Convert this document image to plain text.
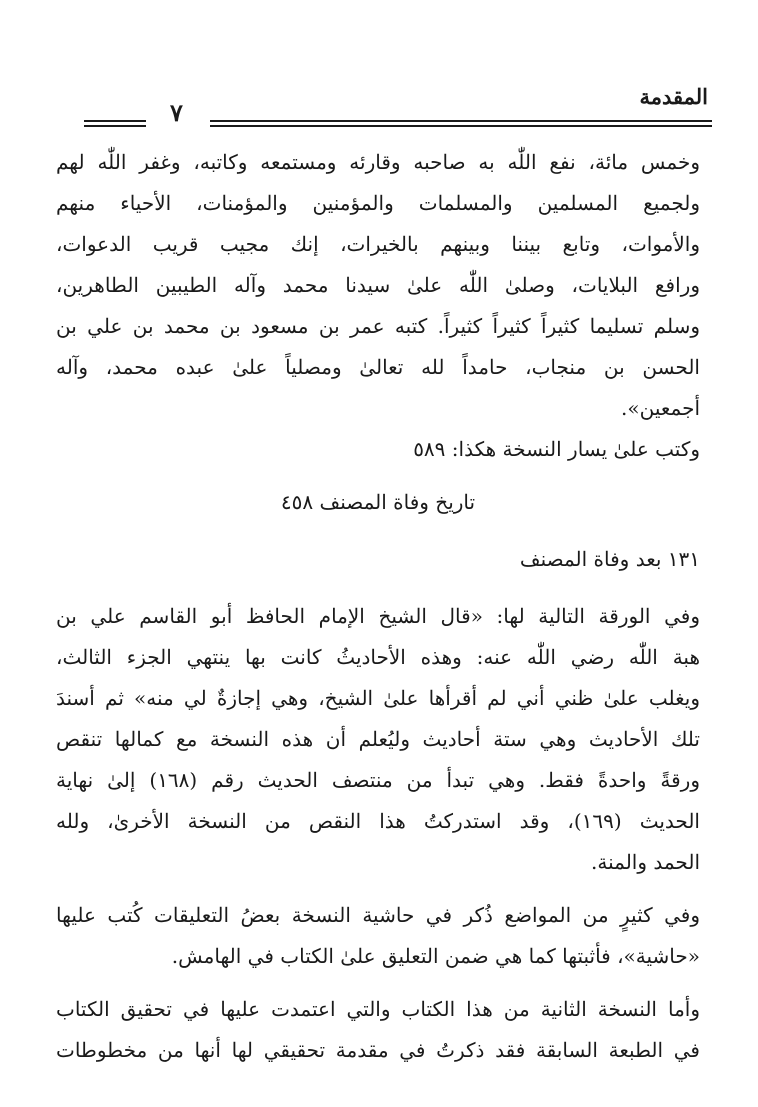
المقدمة
٧
وخمس مائة، نفع اللّٰه به صاحبه وقارئه ومستمعه وكاتبه، وغفر اللّٰه لهم
ولجميع المسلمين والمسلمات والمؤمنين والمؤمنات، الأحياء منهم
والأموات، وتابع بيننا وبينهم بالخيرات، إنك مجيب قريب الدعوات،
ورافع البلايات، وصلىٰ اللّٰه علىٰ سيدنا محمد وآله الطيبين الطاهرين،
وسلم تسليما كثيراً كثيراً كثيراً. كتبه عمر بن مسعود بن محمد بن علي بن
الحسن بن منجاب، حامداً لله تعالىٰ ومصلياً علىٰ عبده محمد، وآله
أجمعين».
وكتب علىٰ يسار النسخة هكذا: ٥٨٩
تاريخ وفاة المصنف ٤٥٨
١٣١ بعد وفاة المصنف
وفي الورقة التالية لها: «قال الشيخ الإمام الحافظ أبو القاسم علي بن
هبة اللّٰه رضي اللّٰه عنه: وهذه الأحاديثُ كانت بها ينتهي الجزء الثالث،
ويغلب علىٰ ظني أني لم أقرأها علىٰ الشيخ، وهي إجازةٌ لي منه» ثم أسندَ
تلك الأحاديث وهي ستة أحاديث وليُعلم أن هذه النسخة مع كمالها تنقص
ورقةً واحدةً فقط. وهي تبدأ من منتصف الحديث رقم (١٦٨) إلىٰ نهاية
الحديث (١٦٩)، وقد استدركتُ هذا النقص من النسخة الأخرىٰ، ولله
الحمد والمنة.
وفي كثيرٍ من المواضع ذُكر في حاشية النسخة بعضُ التعليقات كُتب عليها
«حاشية»، فأثبتها كما هي ضمن التعليق علىٰ الكتاب في الهامش.
وأما النسخة الثانية من هذا الكتاب والتي اعتمدت عليها في تحقيق الكتاب
في الطبعة السابقة فقد ذكرتُ في مقدمة تحقيقي لها أنها من مخطوطات
